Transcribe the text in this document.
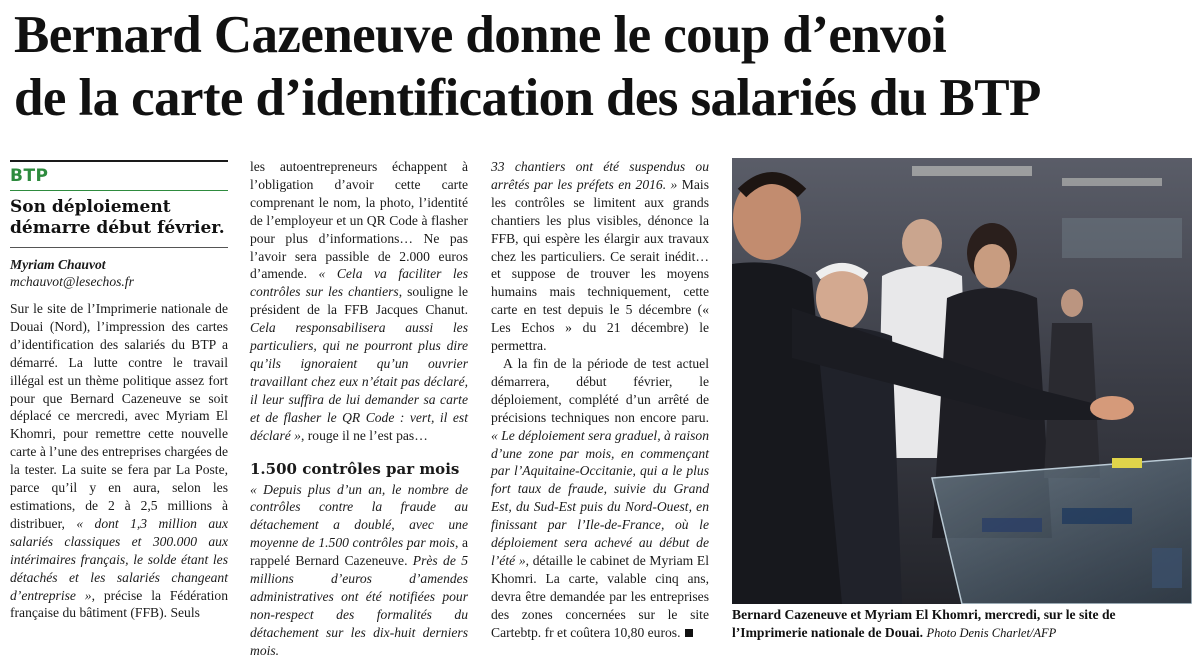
Bernard Cazeneuve donne le coup d’envoi
de la carte d’identification des salariés du BTP
BTP
Son déploiement démarre début février.
Myriam Chauvot
mchauvot@lesechos.fr

Sur le site de l’Imprimerie nationale de Douai (Nord), l’impression des cartes d’identification des salariés du BTP a démarré. La lutte contre le travail illégal est un thème politique assez fort pour que Bernard Cazeneuve se soit déplacé ce mercredi, avec Myriam El Khomri, pour remettre cette nouvelle carte à l’une des entreprises chargées de la tester. La suite se fera par La Poste, parce qu’il y en aura, selon les estimations, de 2 à 2,5 millions à distribuer, « dont 1,3 million aux salariés classiques et 300.000 aux intérimaires français, le solde étant les détachés et les salariés changeant d’entreprise », précise la Fédération française du bâtiment (FFB). Seuls

les autoentrepreneurs échappent à l’obligation d’avoir cette carte comprenant le nom, la photo, l’identité de l’employeur et un QR Code à flasher pour plus d’informations… Ne pas l’avoir sera passible de 2.000 euros d’amende. « Cela va faciliter les contrôles sur les chantiers, souligne le président de la FFB Jacques Chanut. Cela responsabilisera aussi les particuliers, qui ne pourront plus dire qu’ils ignoraient qu’un ouvrier travaillant chez eux n’était pas déclaré, il leur suffira de lui demander sa carte et de flasher le QR Code : vert, il est déclaré », rouge il ne l’est pas…

1.500 contrôles par mois

« Depuis plus d’un an, le nombre de contrôles contre la fraude au détachement a doublé, avec une moyenne de 1.500 contrôles par mois, a rappelé Bernard Cazeneuve. Près de 5 millions d’euros d’amendes administratives ont été notifiées pour non-respect des formalités du détachement sur les dix-huit derniers mois.

33 chantiers ont été suspendus ou arrêtés par les préfets en 2016. » Mais les contrôles se limitent aux grands chantiers les plus visibles, dénonce la FFB, qui espère les élargir aux travaux chez les particuliers. Ce serait inédit… et suppose de trouver les moyens humains mais techniquement, cette carte en test depuis le 5 décembre (« Les Echos » du 21 décembre) le permettra.

A la fin de la période de test actuel démarrera, début février, le déploiement, complété d’un arrêté de précisions techniques non encore paru. « Le déploiement sera graduel, à raison d’une zone par mois, en commençant par l’Aquitaine-Occitanie, qui a le plus fort taux de fraude, suivie du Grand Est, du Sud-Est puis du Nord-Ouest, en finissant par l’Ile-de-France, où le déploiement sera achevé au début de l’été », détaille le cabinet de Myriam El Khomri. La carte, valable cinq ans, devra être demandée par les entreprises des zones concernées sur le site Cartebtp. fr et coûtera 10,80 euros.

Bernard Cazeneuve et Myriam El Khomri, mercredi, sur le site de l’Imprimerie nationale de Douai. Photo Denis Charlet/AFP
